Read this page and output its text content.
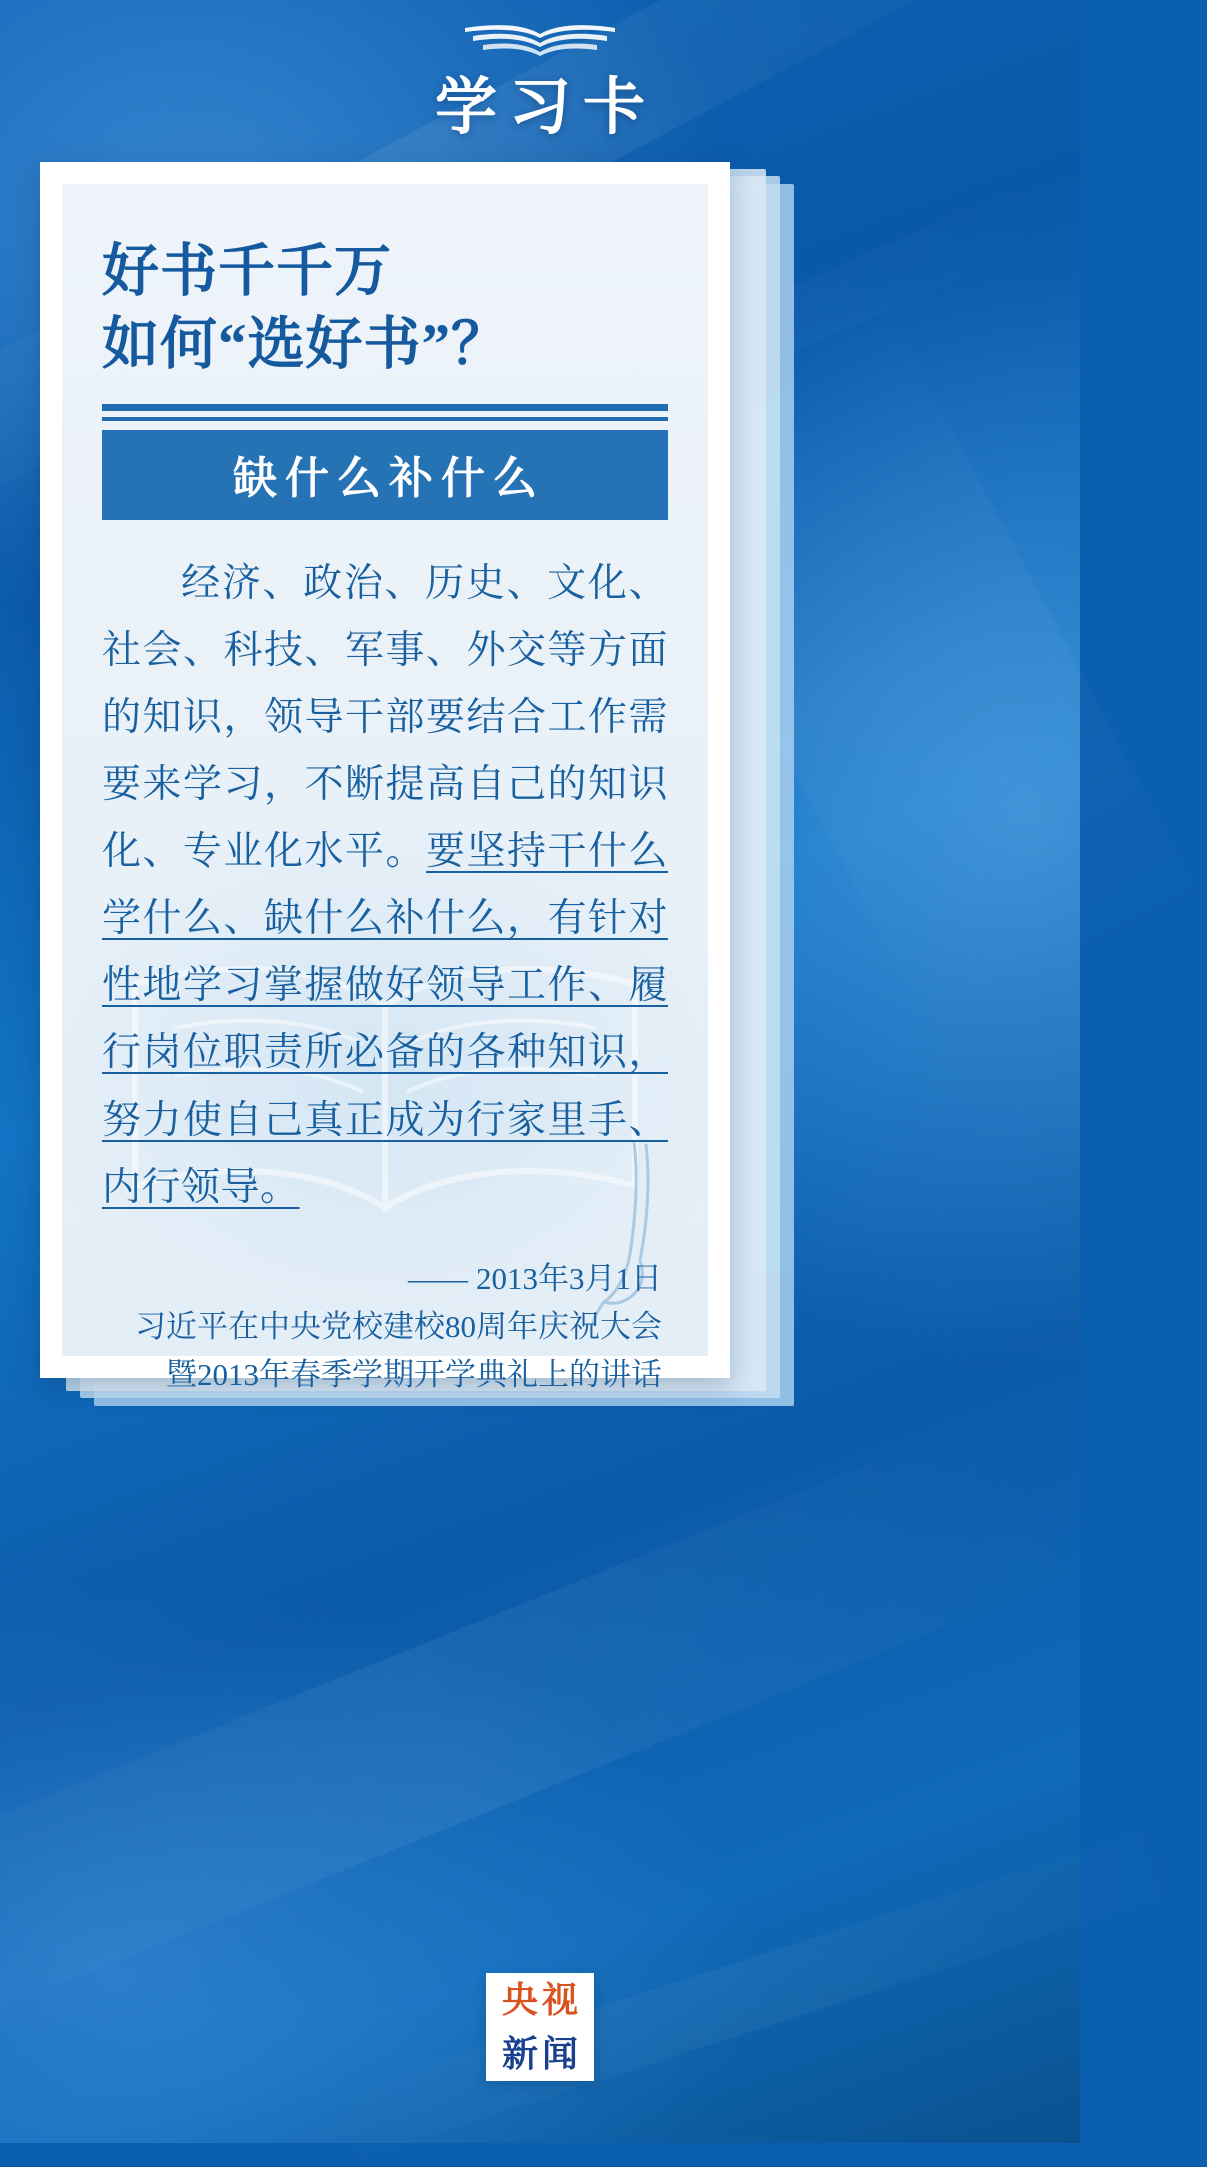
学习卡
好书千千万
如何“选好书”？
缺什么补什么
经济、政治、历史、文化、社会、科技、军事、外交等方面的知识，领导干部要结合工作需要来学习，不断提高自己的知识化、专业化水平。要坚持干什么学什么、缺什么补什么，有针对性地学习掌握做好领导工作、履行岗位职责所必备的各种知识，努力使自己真正成为行家里手、内行领导。
—— 2013年3月1日
习近平在中央党校建校80周年庆祝大会
暨2013年春季学期开学典礼上的讲话
央视
新闻
